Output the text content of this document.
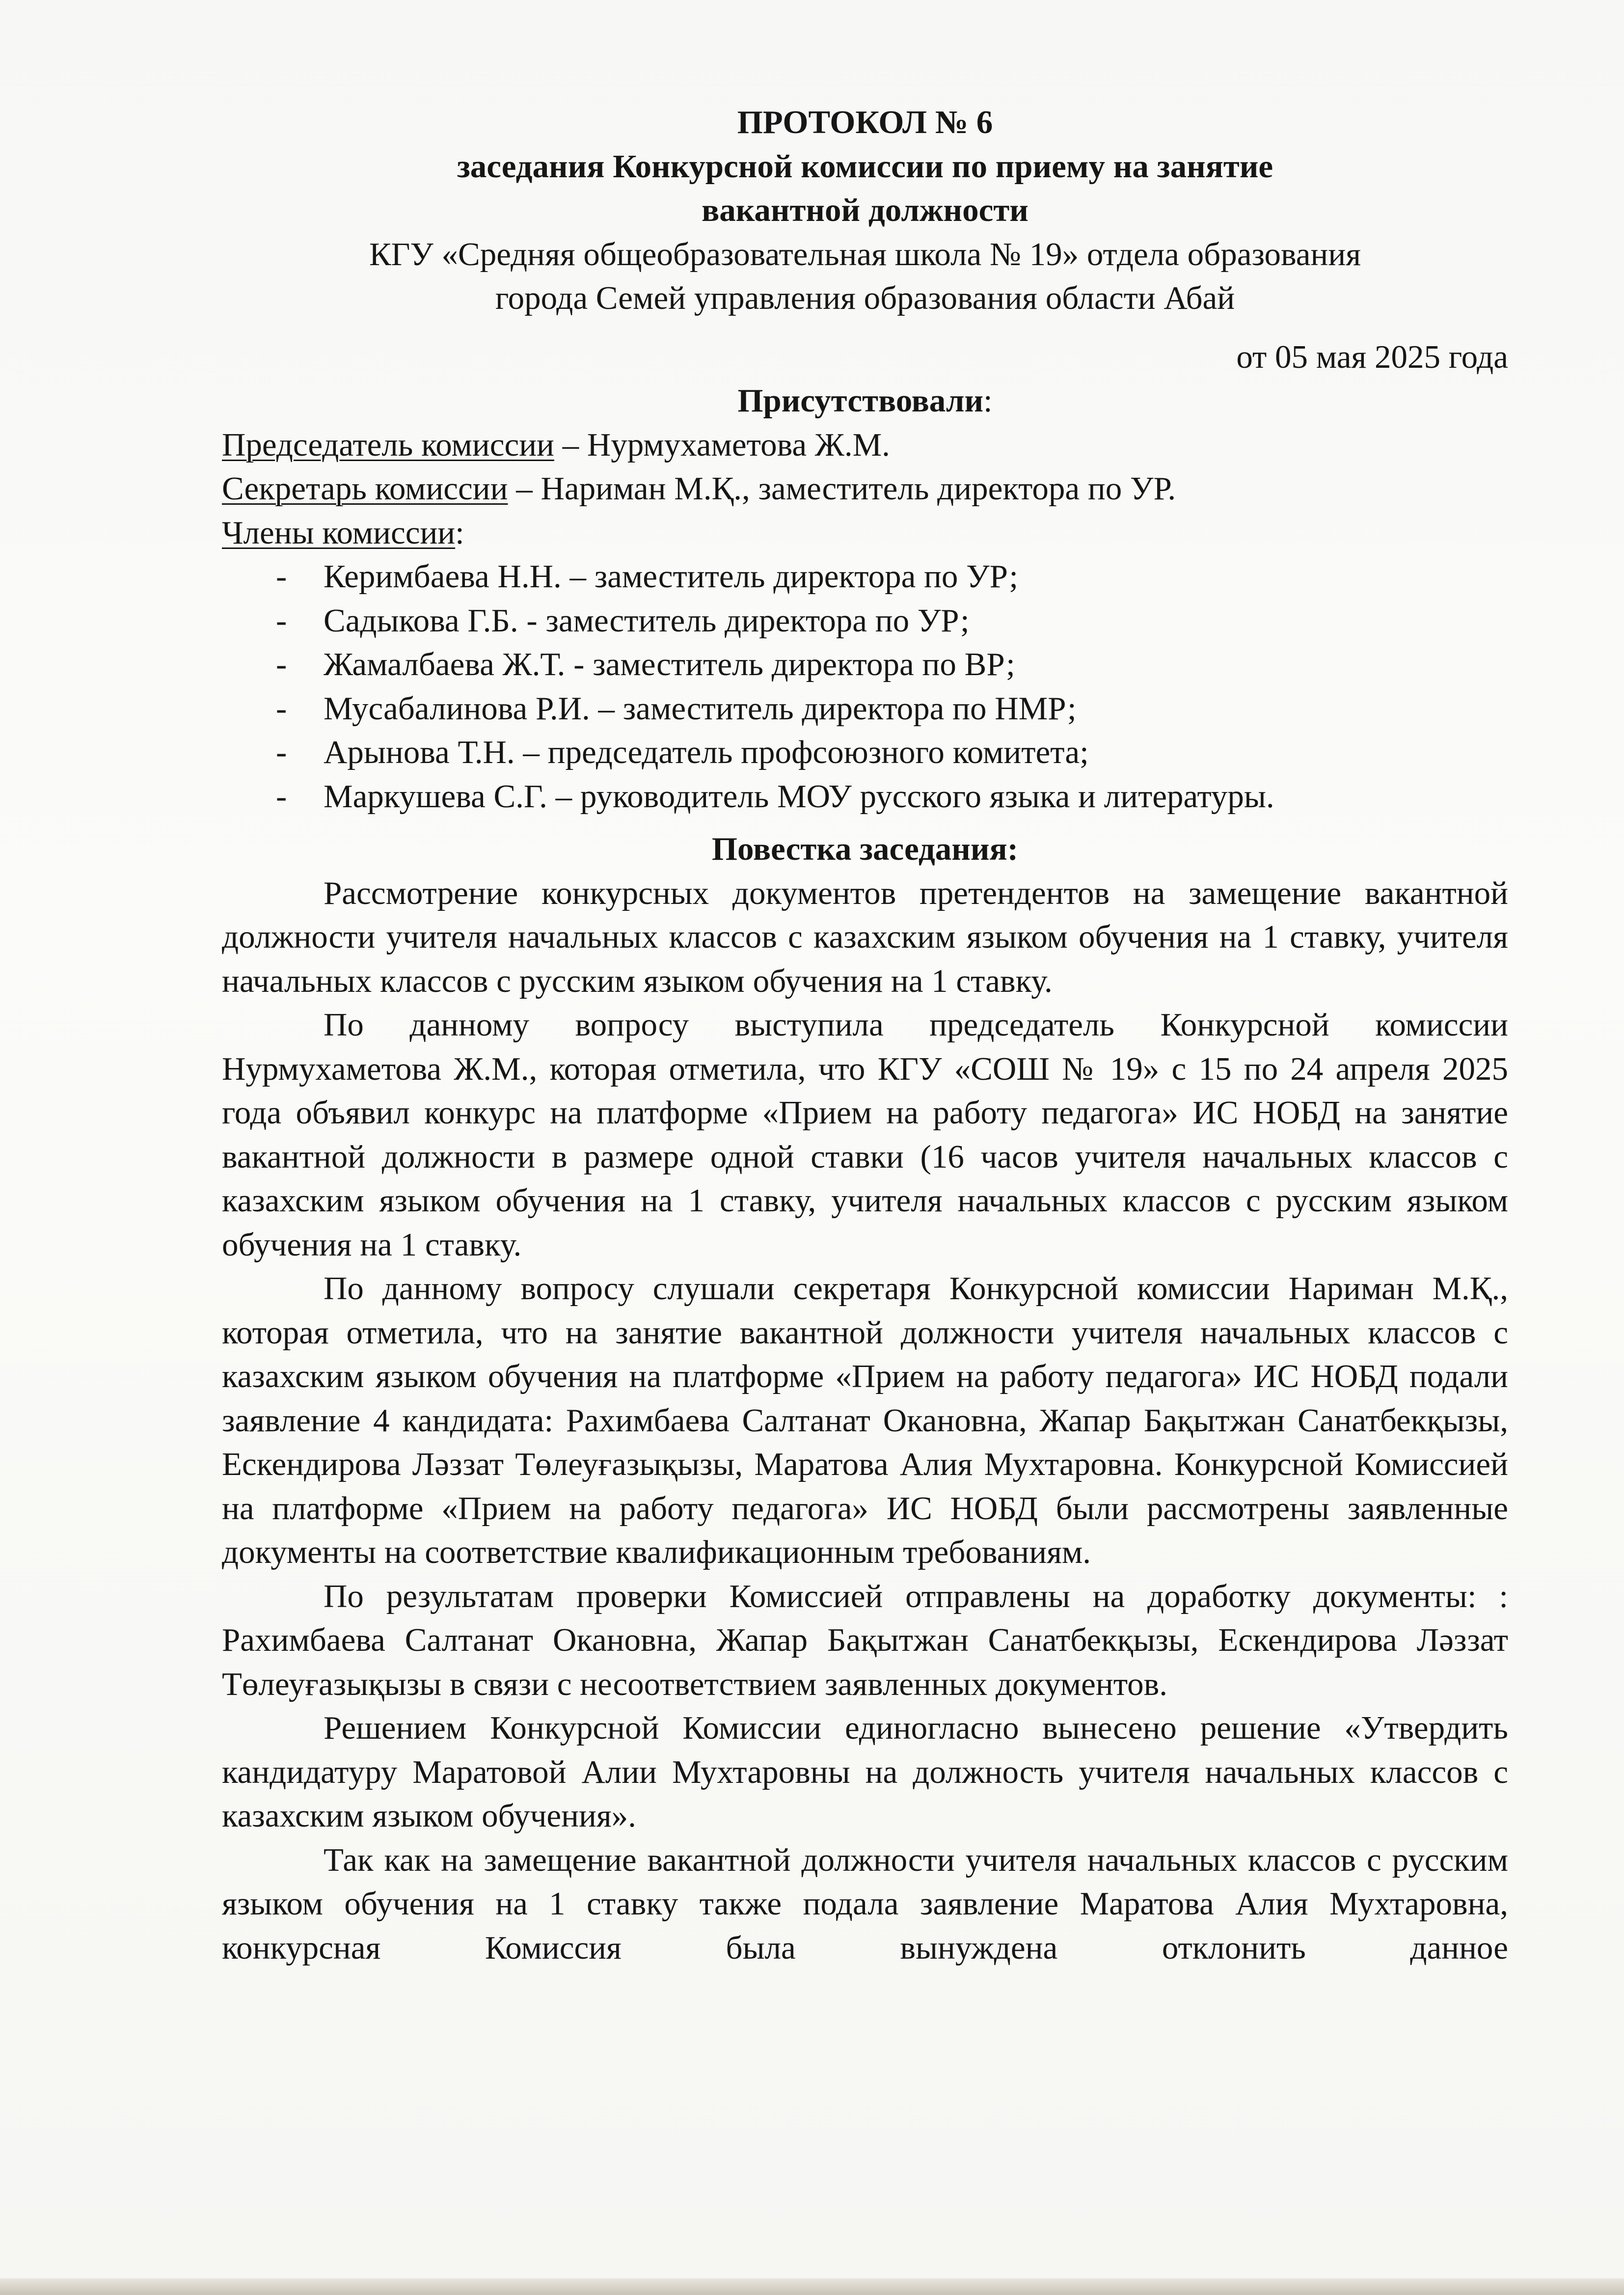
ПРОТОКОЛ № 6

заседания Конкурсной комиссии по приему на занятие

вакантной должности

КГУ «Средняя общеобразовательная школа № 19» отдела образования

города Семей управления образования области Абай

от 05 мая 2025 года

Присутствовали:

Председатель комиссии – Нурмухаметова Ж.М.

Секретарь комиссии – Нариман М.Қ., заместитель директора по УР.

Члены комиссии:

- Керимбаева Н.Н. – заместитель директора по УР;
- Садыкова Г.Б. - заместитель директора по УР;
- Жамалбаева Ж.Т. - заместитель директора по ВР;
- Мусабалинова Р.И. – заместитель директора по НМР;
- Арынова Т.Н. – председатель профсоюзного комитета;
- Маркушева С.Г. – руководитель МОУ русского языка и литературы.

Повестка заседания:

Рассмотрение конкурсных документов претендентов на замещение вакантной должности учителя начальных классов с казахским языком обучения на 1 ставку, учителя начальных классов с русским языком обучения на 1 ставку.

По данному вопросу выступила председатель Конкурсной комиссии Нурмухаметова Ж.М., которая отметила, что КГУ «СОШ № 19» с 15 по 24 апреля 2025 года объявил конкурс на платформе «Прием на работу педагога» ИС НОБД на занятие вакантной должности в размере одной ставки (16 часов учителя начальных классов с казахским языком обучения на 1 ставку, учителя начальных классов с русским языком обучения на 1 ставку.

По данному вопросу слушали секретаря Конкурсной комиссии Нариман М.Қ., которая отметила, что на занятие вакантной должности учителя начальных классов с казахским языком обучения на платформе «Прием на работу педагога» ИС НОБД подали заявление 4 кандидата: Рахимбаева Салтанат Окановна, Жапар Бақытжан Санатбекқызы, Ескендирова Ләззат Төлеуғазықызы, Маратова Алия Мухтаровна. Конкурсной Комиссией на платформе «Прием на работу педагога» ИС НОБД были рассмотрены заявленные документы на соответствие квалификационным требованиям.

По результатам проверки Комиссией отправлены на доработку документы: : Рахимбаева Салтанат Окановна, Жапар Бақытжан Санатбекқызы, Ескендирова Ләззат Төлеуғазықызы в связи с несоответствием заявленных документов.

Решением Конкурсной Комиссии единогласно вынесено решение «Утвердить кандидатуру Маратовой Алии Мухтаровны на должность учителя начальных классов с казахским языком обучения».

Так как на замещение вакантной должности учителя начальных классов с русским языком обучения на 1 ставку также подала заявление Маратова Алия Мухтаровна, конкурсная Комиссия была вынуждена отклонить данное
